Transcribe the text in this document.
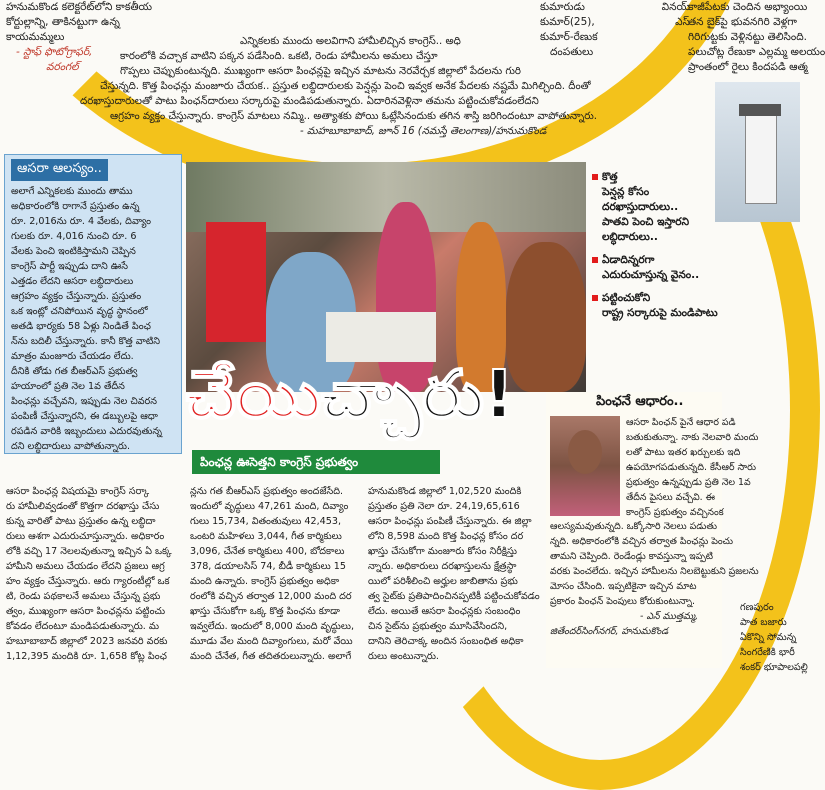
హనుమకొండ కలెక్టరేట్‌లోని కాకతీయ
కోర్టుల్లాన్ని, తాకినట్టుగా ఉన్న
కాయమమ్మలు
- స్టాఫ్ ఫొటోగ్రాఫర్,
వరంగల్
కుమారుడు	వినయ్
కుమార్(25),	ఎస్
కుమార్-రేణుక
దంపతులు
కాజీపేటకు చెందిన అభ్యాంయి
తన బైక్‌పై భువనగిరి వెళ్లగా
గిరిగుట్టకు వెళ్లినట్టు తెలిసింది.
పలుచోట్ల రేణుకా ఎల్లమ్మ అలయం
ప్రాంతంలో రైలు కిందపడి ఆత్మ
ఎన్నికలకు ముందు అలవిగాని హామీలిచ్చిన కాంగ్రెస్.. అధి
కారంలోకి వచ్చాక వాటిని పక్కన పడేసింది. ఒకటి, రెండు హామీలను అమలు చేస్తూ
గొప్పలు చెప్పుకుంటున్నది. ముఖ్యంగా ఆసరా పింఛన్లపై ఇచ్చిన మాటను నెరవేర్చక జిల్లాలో పేదలను గురి
చేస్తున్నది. కొత్త పింఛన్లు మంజూరు చేయక.. ప్రస్తుత లబ్ధిదారులకు పెన్షన్లు పెంచి ఇవ్వక అనేక పేదలకు నష్టమే మిగిల్చింది. దీంతో
దరఖాస్తుదారులతో పాటు పింఛన్‌దారులు సర్కారుపై మండిపడుతున్నారు. ఏదారినవెళ్లినా తమను పట్టించుకోవడంలేదని
ఆగ్రహం వ్యక్తం చేస్తున్నారు. కాంగ్రెస్ మాటలు నమ్మి.. అత్యాశకు పోయి ఓట్లేసినందుకు తగిన శాస్తి జరిగిందంటూ వాపోతున్నారు.
- మహబూబాబాద్, జూన్ 16 (నమస్తే తెలంగాణ)/హనుమకొండ
ఆసరా ఆలస్యం..
అలాగే ఎన్నికలకు ముందు తాము
అధికారంలోకి రాగానే ప్రస్తుతం ఉన్న
రూ. 2,016ను రూ. 4 వేలకు, దివ్యాం
గులకు రూ. 4,016 నుంచి రూ. 6
వేలకు పెంచి ఇంటికిస్తామని చెప్పిన
కాంగ్రెస్ పార్టీ ఇప్పుడు దాని ఊసే
ఎత్తడం లేదని ఆసరా లబ్ధిదారులు
ఆగ్రహం వ్యక్తం చేస్తున్నారు. ప్రస్తుతం
ఒక ఇంట్లో చనిపోయిన వృద్ధ స్థానంలో
అతడి భార్యకు 58 ఏళ్లు నిండితే పింఛ
న్‌ను బదిలీ చేస్తున్నారు. కానీ కొత్త వాటిని
మాత్రం మంజూరు చేయడం లేదు.
దీనికి తోడు గత బీఆర్‌ఎస్ ప్రభుత్వ
హయాంలో ప్రతి నెల 1వ తేదీన
పింఛన్లు వచ్చేవని, ఇప్పుడు నెల చివరన
పంపిణీ చేస్తున్నారని, ఈ డబ్బులపై ఆధా
రపడిన వారికి ఇబ్బందులు ఎదురవుతున్న
దని లబ్ధిదారులు వాపోతున్నారు.
కొత్త
పెన్షన్ల కోసం
దరఖాస్తుదారులు..
పాతవి పెంచి ఇస్తారని
లబ్ధిదారులు..
ఏడాదిన్నరగా
ఎదురుచూస్తున్న వైనం..
పట్టించుకోని
రాష్ట్ర సర్కారుపై మండిపాటు
చేయిచ్చారు!
పింఛన్ల ఊసెత్తని కాంగ్రెస్ ప్రభుత్వం
పింఛనే ఆధారం..
ఆసరా పింఛన్ పైనే ఆధార పడి
బతుకుతున్నా. నాకు నెలవారి మందు
లతో పాటు ఇతర ఖర్చులకు ఇది
ఉపయోగపడుతున్నది. కేసీఆర్ సారు
ప్రభుత్వం ఉన్నప్పుడు ప్రతి నెల 1వ
తేదీన పైసలు వచ్చేవి. ఈ
కాంగ్రెస్ ప్రభుత్వం వచ్చినంక
ఆలస్యమవుతున్నది. ఒక్కోసారి నెలలు పడుతు
న్నది. అధికారంలోకి వచ్చిన తర్వాత పింఛన్లు పెంచు
తామని చెప్పింది. రెండేండ్లు కావస్తున్నా ఇప్పటి
వరకు పెంచలేదు. ఇచ్చిన హామీలను నిలబెట్టుకుని ప్రజలను
మోసం చేసింది. ఇప్పటికైనా ఇచ్చిన మాట
ప్రకారం పింఛన్ పెంపులు కోరుకుంటున్నా.
- ఎన్ ముత్తమ్మ,
జితేందర్‌సింగ్‌నగర్, హనుమకొండ
ఆసరా పింఛన్ల విషయమై కాంగ్రెస్ సర్కా
రు హామీలివ్వడంతో కొత్తగా దరఖాస్తు చేసు
కున్న వారితో పాటు ప్రస్తుతం ఉన్న లబ్ధిదా
రులు ఆశగా ఎదురుచూస్తున్నారు. అధికారం
లోకి వచ్చి 17 నెలలవుతున్నా ఇచ్చిన ఏ ఒక్క
హామీని అమలు చేయడం లేదని ప్రజలు ఆగ్ర
హం వ్యక్తం చేస్తున్నారు. ఆరు గ్యారంటీల్లో ఒక
టి, రెండు పథకాలనే అమలు చేస్తున్న ప్రభు
త్వం, ముఖ్యంగా ఆసరా పింఛన్లను పట్టించు
కోవడం లేదంటూ మండిపడుతున్నారు. మ
హబూబాబాద్ జిల్లాలో 2023 జనవరి వరకు
1,12,395 మందికి రూ. 1,658 కోట్ల పింఛ
న్లను గత బీఆర్‌ఎస్ ప్రభుత్వం అందజేసేది.
ఇందులో వృద్ధులు 47,261 మంది, దివ్యాం
గులు 15,734, వితంతువులు 42,453,
ఒంటరి మహిళలు 3,044, గీత కార్మికులు
3,096, చేనేత కార్మికులు 400, బోదకాలు
378, డయాలసిస్ 74, బీడీ కార్మికులు 15
మంది ఉన్నారు. కాంగ్రెస్ ప్రభుత్వం అధికా
రంలోకి వచ్చిన తర్వాత 12,000 మంది దర
ఖాస్తు చేసుకోగా ఒక్క కొత్త పింఛను కూడా
ఇవ్వలేదు. ఇందులో 8,000 మంది వృద్ధులు,
మూడు వేల మంది దివ్యాంగులు, మరో వేయి
మంది చేనేత, గీత తదితరులున్నారు. అలాగే
హనుమకొండ జిల్లాలో 1,02,520 మందికి
ప్రస్తుతం ప్రతి నెలా రూ. 24,19,65,616
ఆసరా పింఛన్లు పంపిణీ చేస్తున్నారు. ఈ జిల్లా
లోని 8,598 మంది కొత్త పింఛన్ల కోసం దర
ఖాస్తు చేసుకోగా మంజూరు కోసం నిరీక్షిస్తు
న్నారు. అధికారులు దరఖాస్తులను క్షేత్రస్థా
యిలో పరిశీలించి అర్హుల జాబితాను ప్రభు
త్వ సైట్‌కు ప్రతిపాదించినప్పటికీ పట్టించుకోవడం
లేదు. అయితే ఆసరా పింఛన్లకు సంబంధిం
చిన సైట్‌ను ప్రభుత్వం మూసివేసిందని,
దానిని తెరిచాక్క అందిన సంబంధిత అధికా
రులు అంటున్నారు.
గణపురం
పాత బజారు
ఏకొన్ని సోమన్న
సింగరేణికి భారీ
శంకర్ భూపాలపల్లి
